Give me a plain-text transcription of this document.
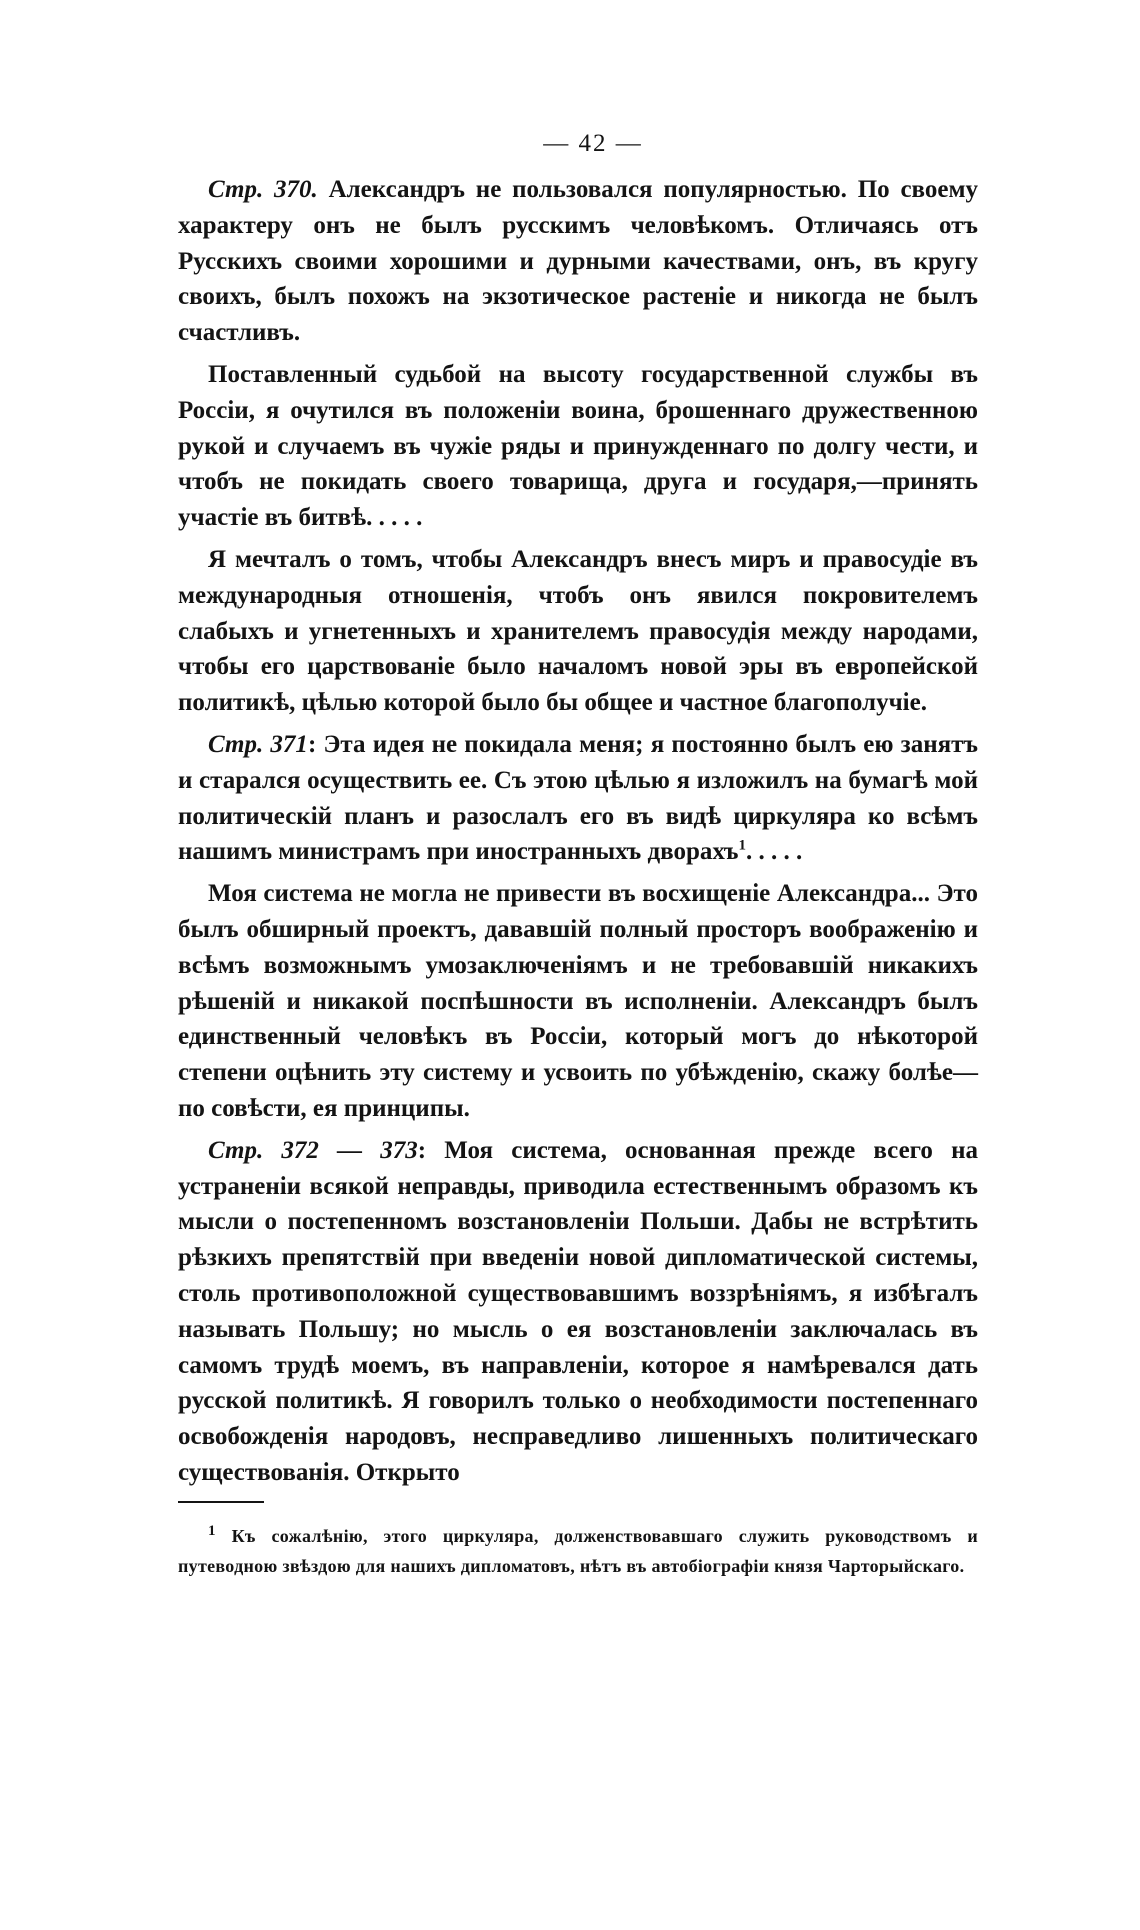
— 42 —

Стр. 370. Александръ не пользовался популярностью. По своему характеру онъ не былъ русскимъ человѣкомъ. Отличаясь отъ Русскихъ своими хорошими и дурными качествами, онъ, въ кругу своихъ, былъ похожъ на экзотическое растеніе и никогда не былъ счастливъ.

Поставленный судьбой на высоту государственной службы въ Россіи, я очутился въ положеніи воина, брошеннаго дружественною рукой и случаемъ въ чужіе ряды и принужденнаго по долгу чести, и чтобъ не покидать своего товарища, друга и государя,—принять участіе въ битвѣ. . . . .

Я мечталъ о томъ, чтобы Александръ внесъ миръ и правосудіе въ международныя отношенія, чтобъ онъ явился покровителемъ слабыхъ и угнетенныхъ и хранителемъ правосудія между народами, чтобы его царствованіе было началомъ новой эры въ европейской политикѣ, цѣлью которой было бы общее и частное благополучіе.

Стр. 371: Эта идея не покидала меня; я постоянно былъ ею занятъ и старался осуществить ее. Съ этою цѣлью я изложилъ на бумагѣ мой политическій планъ и разослалъ его въ видѣ циркуляра ко всѣмъ нашимъ министрамъ при иностранныхъ дворахъ$^1$. . . . .

Моя система не могла не привести въ восхищеніе Александра... Это былъ обширный проектъ, дававшій полный просторъ воображенію и всѣмъ возможнымъ умозаключеніямъ и не требовавшій никакихъ рѣшеній и никакой поспѣшности въ исполненіи. Александръ былъ единственный человѣкъ въ Россіи, который могъ до нѣкоторой степени оцѣнить эту систему и усвоить по убѣжденію, скажу болѣе—по совѣсти, ея принципы.

Стр. 372 — 373: Моя система, основанная прежде всего на устраненіи всякой неправды, приводила естественнымъ образомъ къ мысли о постепенномъ возстановленіи Польши. Дабы не встрѣтить рѣзкихъ препятствій при введеніи новой дипломатической системы, столь противоположной существовавшимъ воззрѣніямъ, я избѣгалъ называть Польшу; но мысль о ея возстановленіи заключалась въ самомъ трудѣ моемъ, въ направленіи, которое я намѣревался дать русской политикѣ. Я говорилъ только о необходимости постепеннаго освобожденія народовъ, несправедливо лишенныхъ политическаго существованія. Открыто

$^1$ Къ сожалѣнію, этого циркуляра, долженствовавшаго служить руководствомъ и путеводною звѣздою для нашихъ дипломатовъ, нѣтъ въ автобіографіи князя Чарторыйскаго.
